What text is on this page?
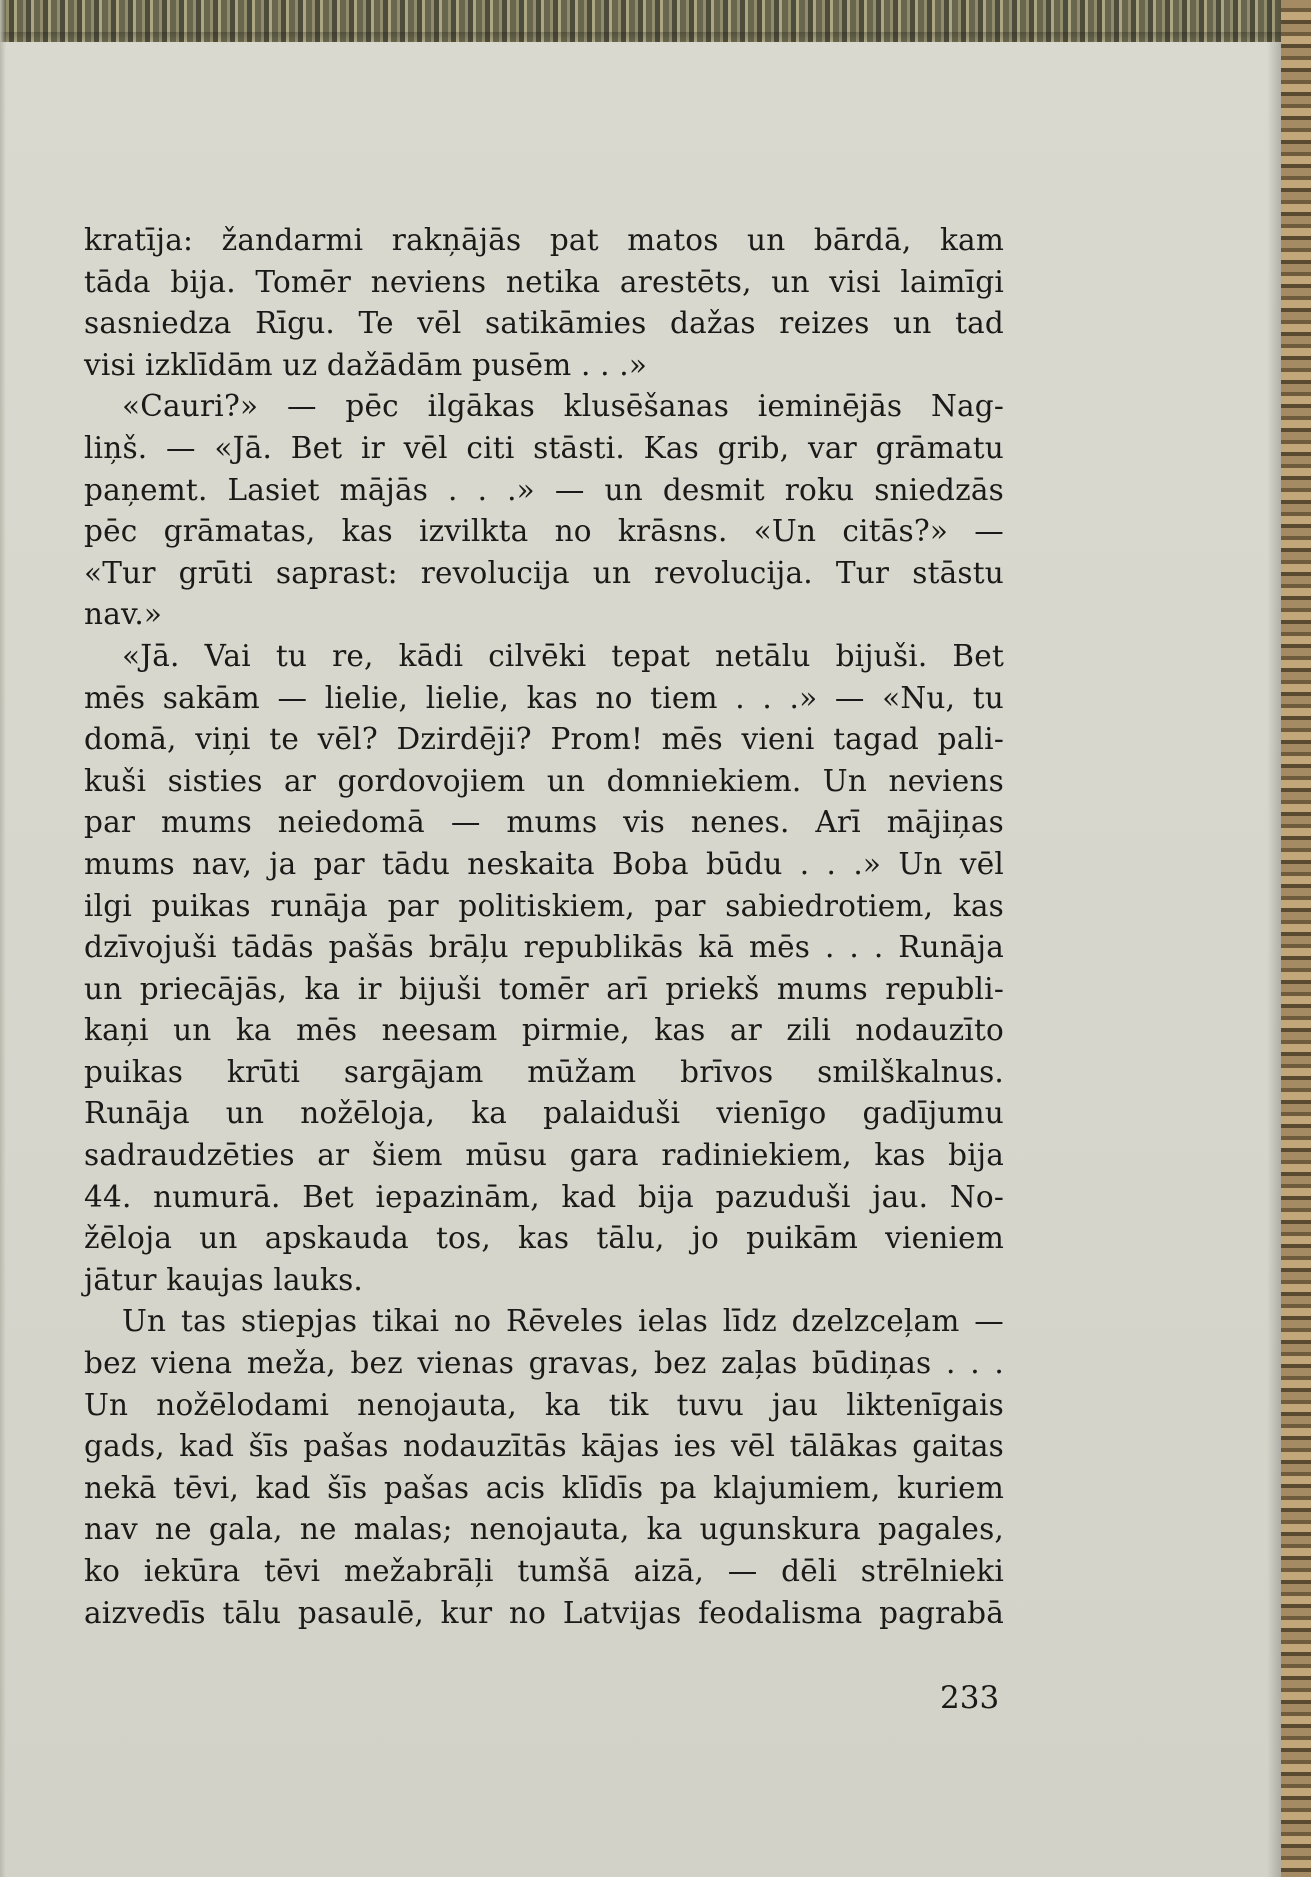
kratīja: žandarmi rakņājās pat matos un bārdā, kam
tāda bija. Tomēr neviens netika arestēts, un visi laimīgi
sasniedza Rīgu. Te vēl satikāmies dažas reizes un tad
visi izklīdām uz dažādām pusēm . . .»
«Cauri?» — pēc ilgākas klusēšanas ieminējās Nag-
liņš. — «Jā. Bet ir vēl citi stāsti. Kas grib, var grāmatu
paņemt. Lasiet mājās . . .» — un desmit roku sniedzās
pēc grāmatas, kas izvilkta no krāsns. «Un citās?» —
«Tur grūti saprast: revolucija un revolucija. Tur stāstu
nav.»
«Jā. Vai tu re, kādi cilvēki tepat netālu bijuši. Bet
mēs sakām — lielie, lielie, kas no tiem . . .» — «Nu, tu
domā, viņi te vēl? Dzirdēji? Prom! mēs vieni tagad pali-
kuši sisties ar gordovojiem un domniekiem. Un neviens
par mums neiedomā — mums vis nenes. Arī mājiņas
mums nav, ja par tādu neskaita Boba būdu . . .» Un vēl
ilgi puikas runāja par politiskiem, par sabiedrotiem, kas
dzīvojuši tādās pašās brāļu republikās kā mēs . . . Runāja
un priecājās, ka ir bijuši tomēr arī priekš mums republi-
kaņi un ka mēs neesam pirmie, kas ar zili nodauzīto
puikas krūti sargājam mūžam brīvos smilškalnus.
Runāja un nožēloja, ka palaiduši vienīgo gadījumu
sadraudzēties ar šiem mūsu gara radiniekiem, kas bija
44. numurā. Bet iepazinām, kad bija pazuduši jau. No-
žēloja un apskauda tos, kas tālu, jo puikām vieniem
jātur kaujas lauks.
Un tas stiepjas tikai no Rēveles ielas līdz dzelzceļam —
bez viena meža, bez vienas gravas, bez zaļas būdiņas . . .
Un nožēlodami nenojauta, ka tik tuvu jau liktenīgais
gads, kad šīs pašas nodauzītās kājas ies vēl tālākas gaitas
nekā tēvi, kad šīs pašas acis klīdīs pa klajumiem, kuriem
nav ne gala, ne malas; nenojauta, ka ugunskura pagales,
ko iekūra tēvi mežabrāļi tumšā aizā, — dēli strēlnieki
aizvedīs tālu pasaulē, kur no Latvijas feodalisma pagrabā
233
